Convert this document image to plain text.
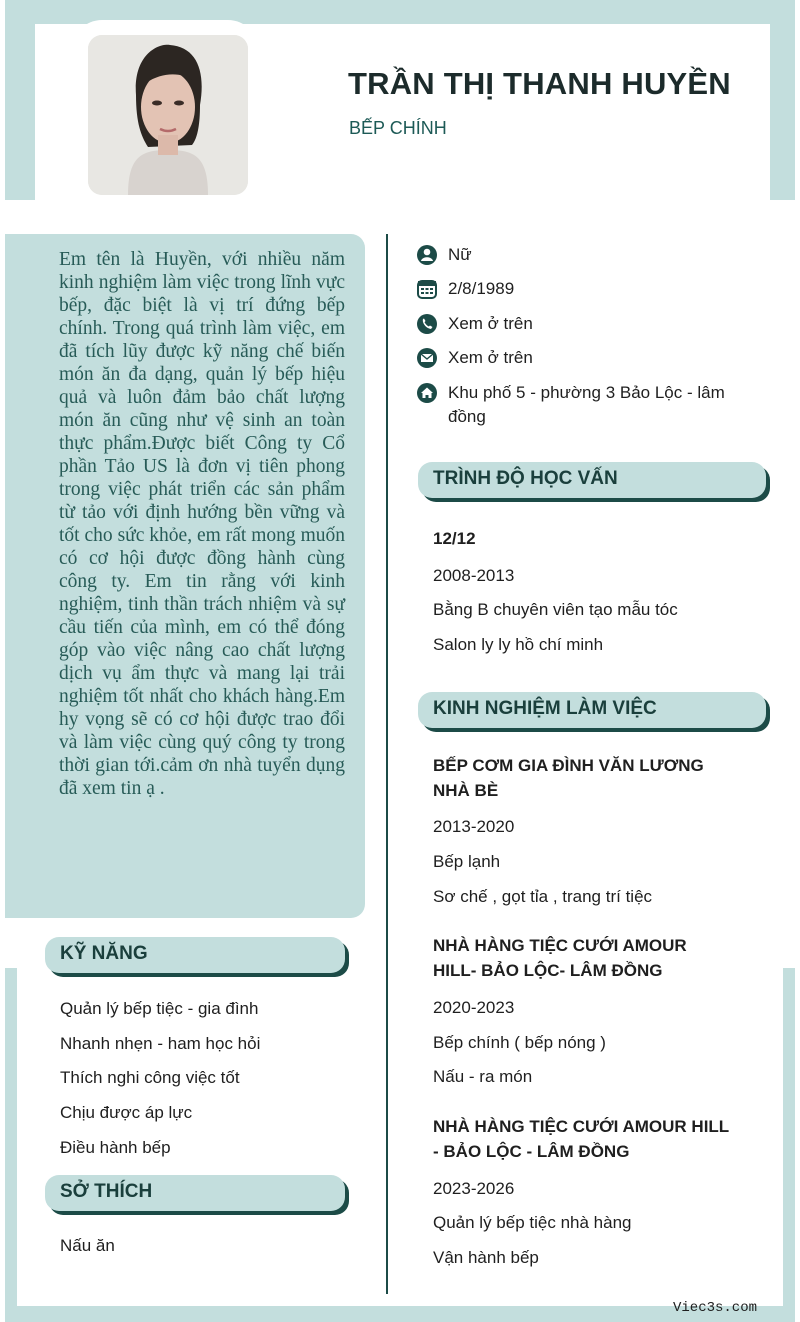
TRẦN THỊ THANH HUYỀN
BẾP CHÍNH
Em tên là Huyền, với nhiều năm kinh nghiệm làm việc trong lĩnh vực bếp, đặc biệt là vị trí đứng bếp chính. Trong quá trình làm việc, em đã tích lũy được kỹ năng chế biến món ăn đa dạng, quản lý bếp hiệu quả và luôn đảm bảo chất lượng món ăn cũng như vệ sinh an toàn thực phẩm.Được biết Công ty Cổ phần Tảo US là đơn vị tiên phong trong việc phát triển các sản phẩm từ tảo với định hướng bền vững và tốt cho sức khỏe, em rất mong muốn có cơ hội được đồng hành cùng công ty. Em tin rằng với kinh nghiệm, tinh thần trách nhiệm và sự cầu tiến của mình, em có thể đóng góp vào việc nâng cao chất lượng dịch vụ ẩm thực và mang lại trải nghiệm tốt nhất cho khách hàng.Em hy vọng sẽ có cơ hội được trao đổi và làm việc cùng quý công ty trong thời gian tới.cảm ơn nhà tuyển dụng đã xem tin ạ .
Nữ
2/8/1989
Xem ở trên
Xem ở trên
Khu phố 5 - phường 3 Bảo Lộc - lâm đồng
TRÌNH ĐỘ HỌC VẤN
12/12
2008-2013
Bằng B chuyên viên tạo mẫu tóc
Salon ly ly hồ chí minh
KINH NGHIỆM LÀM VIỆC
BẾP CƠM GIA ĐÌNH VĂN LƯƠNG NHÀ BÈ
2013-2020
Bếp lạnh
Sơ chế , gọt tỉa , trang trí tiệc
NHÀ HÀNG TIỆC CƯỚI AMOUR HILL- BẢO LỘC- LÂM ĐỒNG
2020-2023
Bếp chính ( bếp nóng )
Nấu - ra món
NHÀ HÀNG TIỆC CƯỚI AMOUR HILL - BẢO LỘC - LÂM ĐỒNG
2023-2026
Quản lý bếp tiệc nhà hàng
Vận hành bếp
KỸ NĂNG
Quản lý bếp tiệc - gia đình
Nhanh nhẹn - ham học hỏi
Thích nghi công việc tốt
Chịu được áp lực
Điều hành bếp
SỞ THÍCH
Nấu ăn
Viec3s.com
